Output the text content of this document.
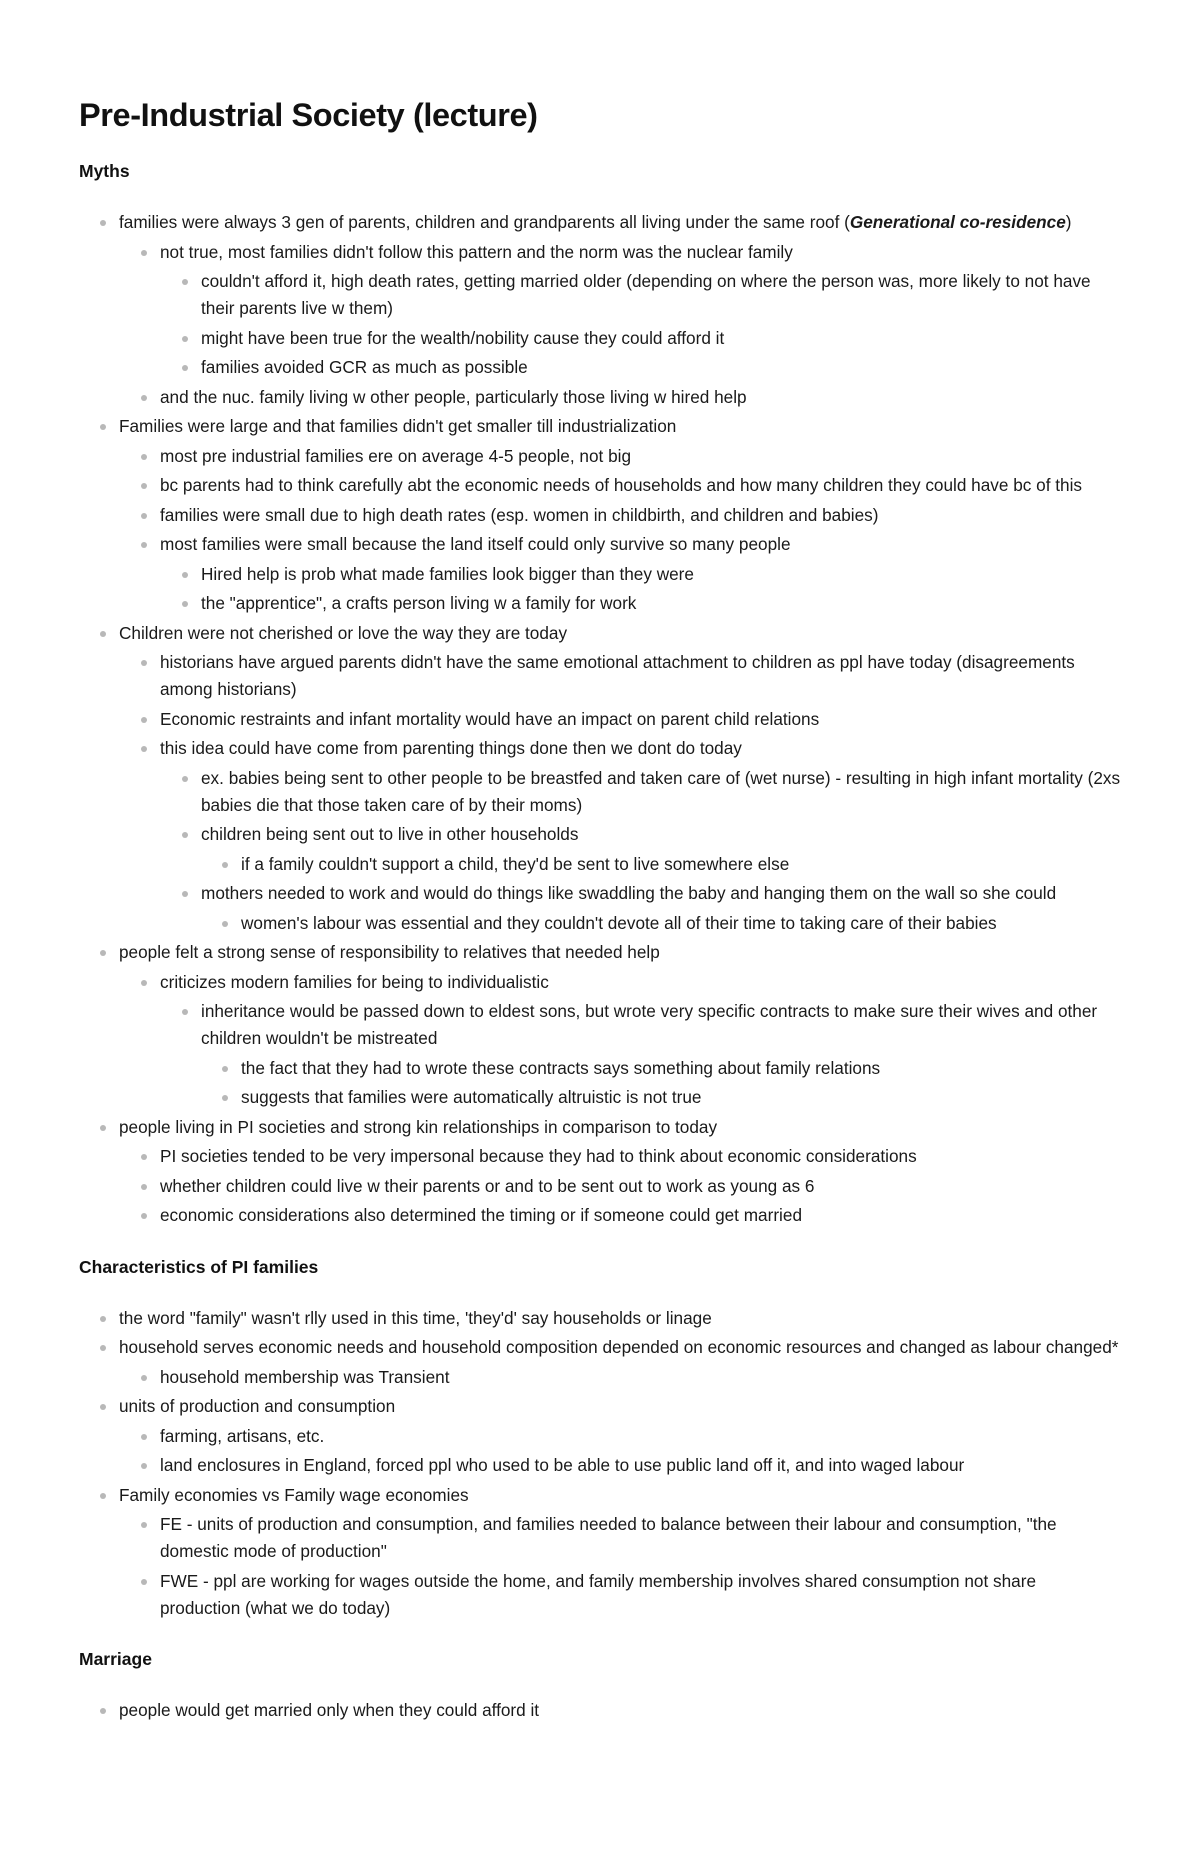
Pre-Industrial Society (lecture)
Myths
families were always 3 gen of parents, children and grandparents all living under the same roof (Generational co-residence)
not true, most families didn't follow this pattern and the norm was the nuclear family
couldn't afford it, high death rates, getting married older (depending on where the person was, more likely to not have their parents live w them)
might have been true for the wealth/nobility cause they could afford it
families avoided GCR as much as possible
and the nuc. family living w other people, particularly those living w hired help
Families were large and that families didn't get smaller till industrialization
most pre industrial families ere on average 4-5 people, not big
bc parents had to think carefully abt the economic needs of households and how many children they could have bc of this
families were small due to high death rates (esp. women in childbirth, and children and babies)
most families were small because the land itself could only survive so many people
Hired help is prob what made families look bigger than they were
the "apprentice", a crafts person living w a family for work
Children were not cherished or love the way they are today
historians have argued parents didn't have the same emotional attachment to children as ppl have today (disagreements among historians)
Economic restraints and infant mortality would have an impact on parent child relations
this idea could have come from parenting things done then we dont do today
ex. babies being sent to other people to be breastfed and taken care of (wet nurse) - resulting in high infant mortality (2xs babies die that those taken care of by their moms)
children being sent out to live in other households
if a family couldn't support a child, they'd be sent to live somewhere else
mothers needed to work and would do things like swaddling the baby and hanging them on the wall so she could
women's labour was essential and they couldn't devote all of their time to taking care of their babies
people felt a strong sense of responsibility to relatives that needed help
criticizes modern families for being to individualistic
inheritance would be passed down to eldest sons, but wrote very specific contracts to make sure their wives and other children wouldn't be mistreated
the fact that they had to wrote these contracts says something about family relations
suggests that families were automatically altruistic is not true
people living in PI societies and strong kin relationships in comparison to today
PI societies tended to be very impersonal because they had to think about economic considerations
whether children could live w their parents or and to be sent out to work as young as 6
economic considerations also determined the timing or if someone could get married
Characteristics of PI families
the word "family" wasn't rlly used in this time, 'they'd' say households or linage
household serves economic needs and household composition depended on economic resources and changed as labour changed*
household membership was Transient
units of production and consumption
farming, artisans, etc.
land enclosures in England, forced ppl who used to be able to use public land off it, and into waged labour
Family economies vs Family wage economies
FE - units of production and consumption, and families needed to balance between their labour and consumption, "the domestic mode of production"
FWE - ppl are working for wages outside the home, and family membership involves shared consumption not share production (what we do today)
Marriage
people would get married only when they could afford it
